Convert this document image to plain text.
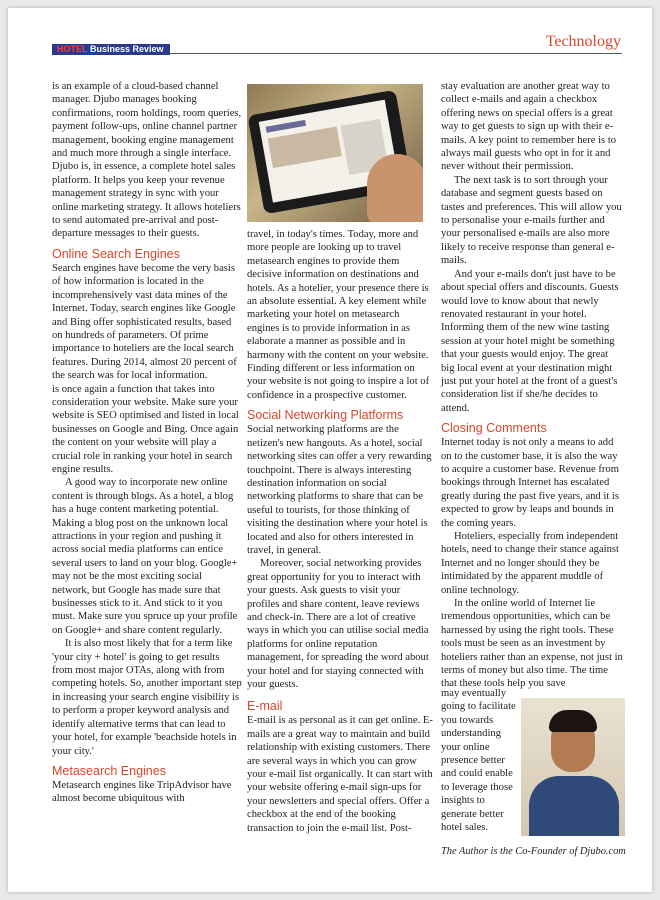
HOTEL Business Review	Technology

is an example of a cloud-based channel manager. Djubo manages booking confirmations, room holdings, room queries, payment follow-ups, online channel partner management, booking engine management and much more through a single interface. Djubo is, in essence, a complete hotel sales platform. It helps you keep your revenue management strategy in sync with your online marketing strategy. It allows hoteliers to send automated pre-arrival and post-departure messages to their guests.

Online Search Engines

Search engines have become the very basis of how information is located in the incomprehensively vast data mines of the Internet. Today, search engines like Google and Bing offer sophisticated results, based on hundreds of parameters. Of prime importance to hoteliers are the local search features. During 2014, almost 20 percent of the search was for local information.

is once again a function that takes into consideration your website. Make sure your website is SEO optimised and listed in local businesses on Google and Bing. Once again the content on your website will play a crucial role in ranking your hotel in search engine results.

A good way to incorporate new online content is through blogs. As a hotel, a blog has a huge content marketing potential. Making a blog post on the unknown local attractions in your region and pushing it across social media platforms can entice several users to land on your blog. Google+ may not be the most exciting social network, but Google has made sure that businesses stick to it. And stick to it you must. Make sure you spruce up your profile on Google+ and share content regularly.

It is also most likely that for a term like 'your city + hotel' is going to get results from most major OTAs, along with from competing hotels. So, another important step in increasing your search engine visibility is to perform a proper keyword analysis and identify alternative terms that can lead to your hotel, for example 'beachside hotels in your city.'

Metasearch Engines

Metasearch engines like TripAdvisor have almost become ubiquitous with

travel, in today's times. Today, more and more people are looking up to travel metasearch engines to provide them decisive information on destinations and hotels. As a hotelier, your presence there is an absolute essential. A key element while marketing your hotel on metasearch engines is to provide information in as elaborate a manner as possible and in harmony with the content on your website. Finding different or less information on your website is not going to inspire a lot of confidence in a prospective customer.

Social Networking Platforms

Social networking platforms are the netizen's new hangouts. As a hotel, social networking sites can offer a very rewarding touchpoint. There is always interesting destination information on social networking platforms to share that can be useful to tourists, for those thinking of visiting the destination where your hotel is located and also for others interested in travel, in general.

Moreover, social networking provides great opportunity for you to interact with your guests. Ask guests to visit your profiles and share content, leave reviews and check-in. There are a lot of creative ways in which you can utilise social media platforms for online reputation management, for spreading the word about your hotel and for staying connected with your guests.

E-mail

E-mail is as personal as it can get online. E-mails are a great way to maintain and build relationship with existing customers. There are several ways in which you can grow your e-mail list organically. It can start with your website offering e-mail sign-ups for your newsletters and special offers. Offer a checkbox at the end of the booking transaction to join the e-mail list. Post-

stay evaluation are another great way to collect e-mails and again a checkbox offering news on special offers is a great way to get guests to sign up with their e-mails. A key point to remember here is to always mail guests who opt in for it and never without their permission.

The next task is to sort through your database and segment guests based on tastes and preferences. This will allow you to personalise your e-mails further and your personalised e-mails are also more likely to receive response than general e-mails.

And your e-mails don't just have to be about special offers and discounts. Guests would love to know about that newly renovated restaurant in your hotel. Informing them of the new wine tasting session at your hotel might be something that your guests would enjoy. The great big local event at your destination might just put your hotel at the front of a guest's consideration list if she/he decides to attend.

Closing Comments

Internet today is not only a means to add on to the customer base, it is also the way to acquire a customer base. Revenue from bookings through Internet has escalated greatly during the past five years, and it is expected to grow by leaps and bounds in the coming years.

Hoteliers, especially from independent hotels, need to change their stance against Internet and no longer should they be intimidated by the apparent muddle of online technology.

In the online world of Internet lie tremendous opportunities, which can be harnessed by using the right tools. These tools must be seen as an investment by hoteliers rather than an expense, not just in terms of money but also time. The time that these tools help you save

may eventually going to facilitate you towards understanding your online presence better and could enable to leverage those insights to generate better hotel sales.

The Author is the Co-Founder of Djubo.com
